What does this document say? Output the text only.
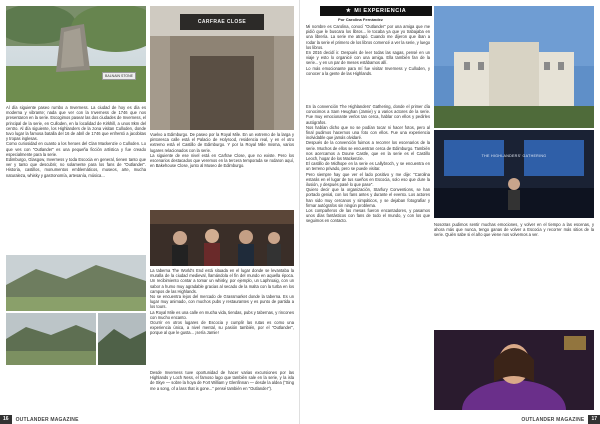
BALNAIN STONE

Al día siguiente paseo rumbo a Inverness. La ciudad de hoy es día es moderna y vibrante; nada que ver con la Inverness de 1746 que nos presentaron en la serie. Escogimos pasear las dos ciudades de Inverness, el principal de la serie, en Culloden, en la localidad de Kirkhill, a unos 8km del centro. Al día siguiente, los Highlanders de la zona visitan Culloden, donde tuvo lugar la famosa batalla del 16 de abril de 1746 que enfrentó a jacobitas y tropas inglesas.

Como curiosidad en cuanto a los heroes del Clan Mackenzie o Culloden. Lo que ves con "Outlander" es una pequeña ficción artística y fue creado especialmente para la serie.

Edimburgo, Glasgow, Inverness y toda Escocia en general, tienen tanto que ver y tanto que descubrir, no solamente para los fans de "Outlander". Historia, castillos, monumentos emblemáticos, museos, arte, mucha naturaleza, whisky y gastronomía, artesanía, música...

CARFRAE CLOSE

Vuelvo a Edimburgo. De paseo por la Royal Mile. En un extremo de la larga y pintoresca calle está el Palacio de Holyrood, residencia real, y en el otro extremo está el Castillo de Edimburgo. Y por la Royal Mile misma, varios lugares relacionados con la serie.

La siguiente de ese nivel está en Carfrae Close, que no existe. Pero los escenarios destacados que veremos en la tercera temporada se rodaron aquí, en Bakehouse Close, junto al Museo de Edimburgo.

La taberna The World's End está situada en el lugar donde se levantaba la muralla de la ciudad medieval, llamándola el fin del mundo en aquella época. Un recibimiento contar a tomar un whisky, por ejemplo, un Laphroaig, con un sabor a humo muy agradable gracias al secado de la malta con la turba en los campos de las Highlands.

No se encuentra lejos del mercado de Grassmarket donde la taberna. Es un lugar muy animado, con muchos pubs y restaurantes y es punto de partida a los tours.

La Royal Mile es una calle en mucha vida, tiendas, pubs y tabernas, y rincones con mucho encanto.

Ocurrir en otros lugares de Escocia y cumplir las rutas es como una experiencia única, a nivel mental, su pasión también, por el "Outlander", porque al que le gusta... ¡sería Jamie!

Desde Inverness tuve oportunidad de hacer varias excursiones por las Highlands y Loch Ness, el famoso lago que también sale en la serie, y la isla de Skye — sobre la hoya de Fort William y Glenfinnan — desde la aldea ("Sing me a song, of a lass that is gone..." pensé también en "Outlander").

16	OUTLANDER MAGAZINE
★ MI EXPERIENCIA
Por Carolina Fernández

Mi nombre es Carolina, conocí "Outlander" por una amiga que me pidió que le buscara los libros... le tocaba ya que yo trabajaba en una librería. La serie me atrapó. Cuando me dijeron que iban a rodar la serie el primero de los libros comencé a ver la serie, y luego los libros.

En 2016 decidí ir. Después de leer todas las sagas, pensé en un viaje y esto lo organicé con una amiga. Ella también fan de la serie... y en un par de meses estábamos allí.

Lo más emocionante para mí fue visitar Inverness y Culloden, y conocer a la gente de las Highlands.

En la convención The Highlanders' Gathering, donde el primer día conocimos a Sam Heughan (Jamie) y a varios actores de la serie. Fue muy emocionante verlos tan cerca, hablar con ellos y pedirles autógrafos.

Nos habían dicho que no se podían tocar ni hacer fotos, pero al final pudimos hacernos una foto con ellos. Fue una experiencia inolvidable que jamás olvidaré.

Después de la convención fuimos a recorrer los escenarios de la serie. Muchos de ellos se encuentran cerca de Edimburgo. También nos acercamos a Doune Castle, que en la serie es el Castillo Leoch, hogar de los Mackenzie.

El castillo de Midhope en la serie es Lallybroch, y se encuentra en un terreno privado, pero se puede visitar.

Pero siempre hay que ver el lado positivo y me dije: "Carolina estarás en el lugar de tus sueños en Escocia, solo eso que dure la ilusión, y después pasé lo que pase".

Quiero decir que la organización, Starfury Conventions, se han portado genial, con los fans antes y durante el evento. Los actores han sido muy cercanos y simpáticos, y se dejaban fotografiar y firmar autógrafos sin ningún problema.

Los compañeros de las mesas fueron encantadores, y pasamos unos días fantásticos con fans de todo el mundo, y con los que seguimos en contacto.

THE HIGHLANDERS' GATHERING

Nosotras pudimos sentir muchas emociones, y volver en el tiempo a las escenas, y ahora más que nunca, tengo ganas de volver a Escocia y recorrer más sitios de la serie. Quién sabe si el año que viene nos volvemos a ver.

OUTLANDER MAGAZINE	17
